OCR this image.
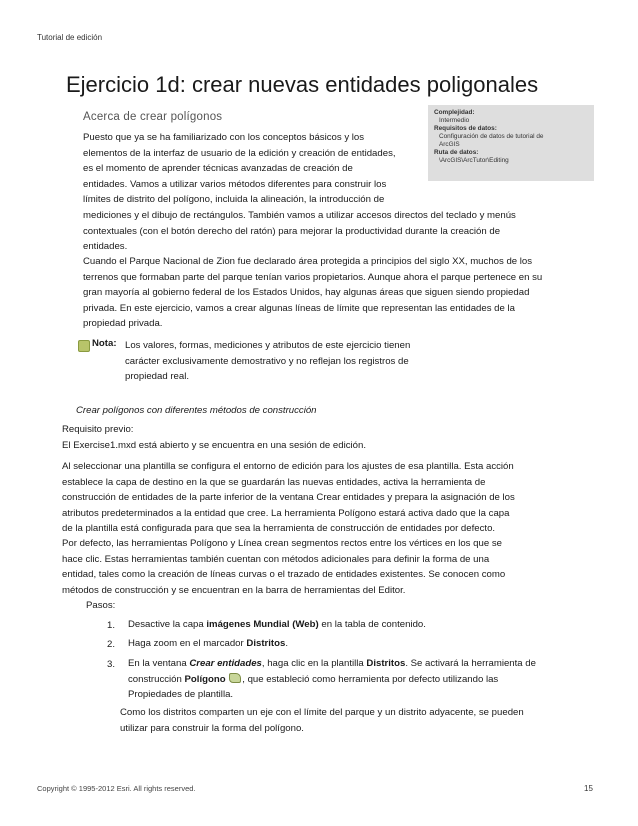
Tutorial de edición
Ejercicio 1d: crear nuevas entidades poligonales
Acerca de crear polígonos	Complejidad:
Intermedio
Requisitos de datos:
Configuración de datos de tutorial de
ArcGIS
Ruta de datos:
\ArcGIS\ArcTutor\Editing
Puesto que ya se ha familiarizado con los conceptos básicos y los
elementos de la interfaz de usuario de la edición y creación de entidades,
es el momento de aprender técnicas avanzadas de creación de
entidades. Vamos a utilizar varios métodos diferentes para construir los
límites de distrito del polígono, incluida la alineación, la introducción de
mediciones y el dibujo de rectángulos. También vamos a utilizar accesos directos del teclado y menús
contextuales (con el botón derecho del ratón) para mejorar la productividad durante la creación de
entidades.
Cuando el Parque Nacional de Zion fue declarado área protegida a principios del siglo XX, muchos de los
terrenos que formaban parte del parque tenían varios propietarios. Aunque ahora el parque pertenece en su
gran mayoría al gobierno federal de los Estados Unidos, hay algunas áreas que siguen siendo propiedad
privada. En este ejercicio, vamos a crear algunas líneas de límite que representan las entidades de la
propiedad privada.
Nota: Los valores, formas, mediciones y atributos de este ejercicio tienen
carácter exclusivamente demostrativo y no reflejan los registros de
propiedad real.
Crear polígonos con diferentes métodos de construcción
Requisito previo:
El Exercise1.mxd está abierto y se encuentra en una sesión de edición.
Al seleccionar una plantilla se configura el entorno de edición para los ajustes de esa plantilla. Esta acción
establece la capa de destino en la que se guardarán las nuevas entidades, activa la herramienta de
construcción de entidades de la parte inferior de la ventana Crear entidades y prepara la asignación de los
atributos predeterminados a la entidad que cree. La herramienta Polígono estará activa dado que la capa
de la plantilla está configurada para que sea la herramienta de construcción de entidades por defecto.
Por defecto, las herramientas Polígono y Línea crean segmentos rectos entre los vértices en los que se
hace clic. Estas herramientas también cuentan con métodos adicionales para definir la forma de una
entidad, tales como la creación de líneas curvas o el trazado de entidades existentes. Se conocen como
métodos de construcción y se encuentran en la barra de herramientas del Editor.
Pasos:
1. Desactive la capa imágenes Mundial (Web) en la tabla de contenido.
2. Haga zoom en el marcador Distritos.
3. En la ventana Crear entidades, haga clic en la plantilla Distritos. Se activará la herramienta de
construcción Polígono , que estableció como herramienta por defecto utilizando las
Propiedades de plantilla.
Como los distritos comparten un eje con el límite del parque y un distrito adyacente, se pueden
utilizar para construir la forma del polígono.
Copyright © 1995-2012 Esri. All rights reserved.	15
